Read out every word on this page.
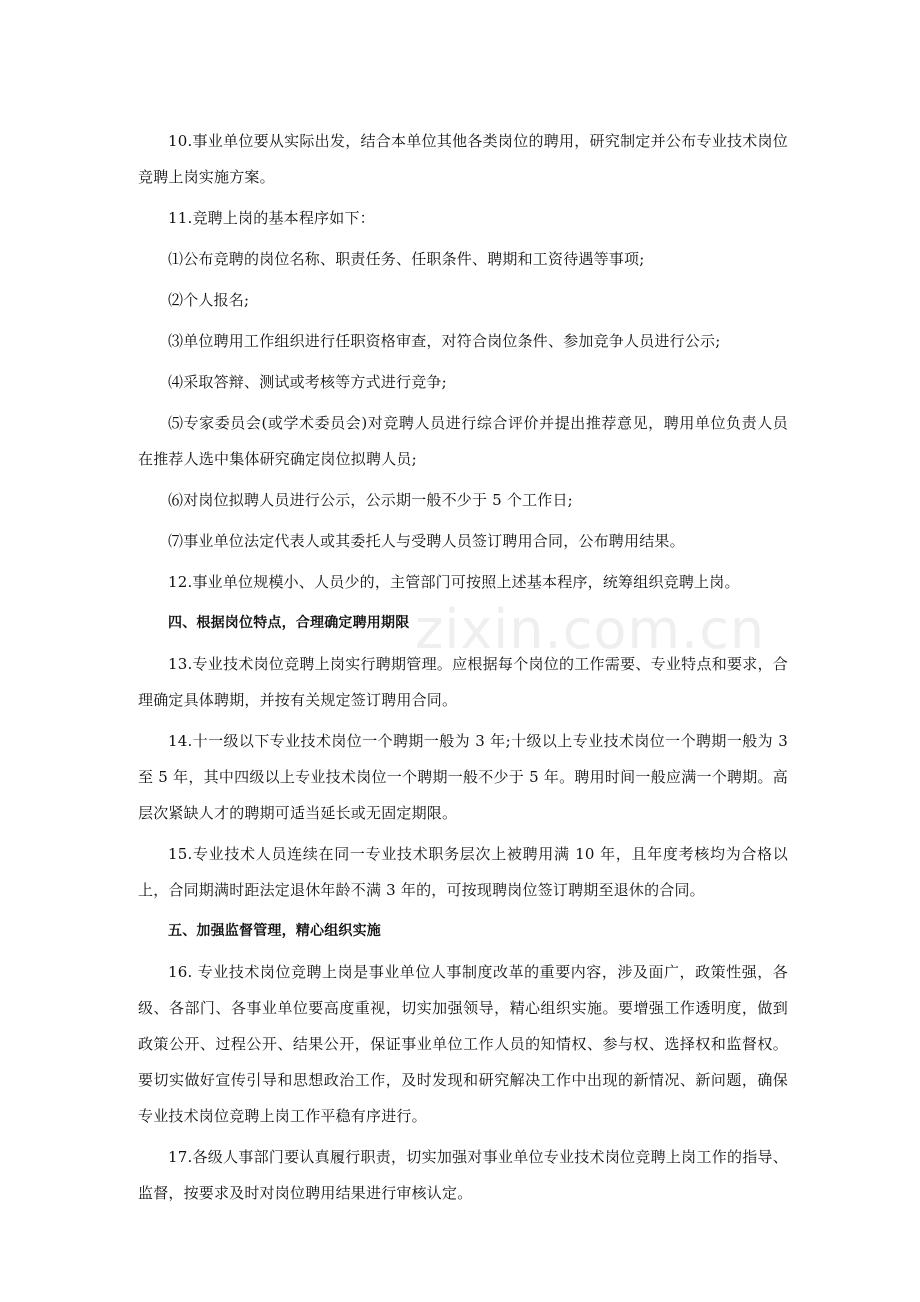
10.事业单位要从实际出发，结合本单位其他各类岗位的聘用，研究制定并公布专业技术岗位竞聘上岗实施方案。

11.竞聘上岗的基本程序如下：

⑴公布竞聘的岗位名称、职责任务、任职条件、聘期和工资待遇等事项;

⑵个人报名;

⑶单位聘用工作组织进行任职资格审查，对符合岗位条件、参加竞争人员进行公示;

⑷采取答辩、测试或考核等方式进行竞争;

⑸专家委员会(或学术委员会)对竞聘人员进行综合评价并提出推荐意见，聘用单位负责人员在推荐人选中集体研究确定岗位拟聘人员;

⑹对岗位拟聘人员进行公示，公示期一般不少于 5 个工作日;

⑺事业单位法定代表人或其委托人与受聘人员签订聘用合同，公布聘用结果。

12.事业单位规模小、人员少的，主管部门可按照上述基本程序，统筹组织竞聘上岗。

四、根据岗位特点，合理确定聘用期限

13.专业技术岗位竞聘上岗实行聘期管理。应根据每个岗位的工作需要、专业特点和要求，合理确定具体聘期，并按有关规定签订聘用合同。

14.十一级以下专业技术岗位一个聘期一般为 3 年;十级以上专业技术岗位一个聘期一般为 3 至 5 年，其中四级以上专业技术岗位一个聘期一般不少于 5 年。聘用时间一般应满一个聘期。高层次紧缺人才的聘期可适当延长或无固定期限。

15.专业技术人员连续在同一专业技术职务层次上被聘用满 10 年，且年度考核均为合格以上，合同期满时距法定退休年龄不满 3 年的，可按现聘岗位签订聘期至退休的合同。

五、加强监督管理，精心组织实施

16. 专业技术岗位竞聘上岗是事业单位人事制度改革的重要内容，涉及面广，政策性强，各级、各部门、各事业单位要高度重视，切实加强领导，精心组织实施。要增强工作透明度，做到政策公开、过程公开、结果公开，保证事业单位工作人员的知情权、参与权、选择权和监督权。要切实做好宣传引导和思想政治工作，及时发现和研究解决工作中出现的新情况、新问题，确保专业技术岗位竞聘上岗工作平稳有序进行。

17.各级人事部门要认真履行职责，切实加强对事业单位专业技术岗位竞聘上岗工作的指导、监督，按要求及时对岗位聘用结果进行审核认定。

zixin.com.cn
